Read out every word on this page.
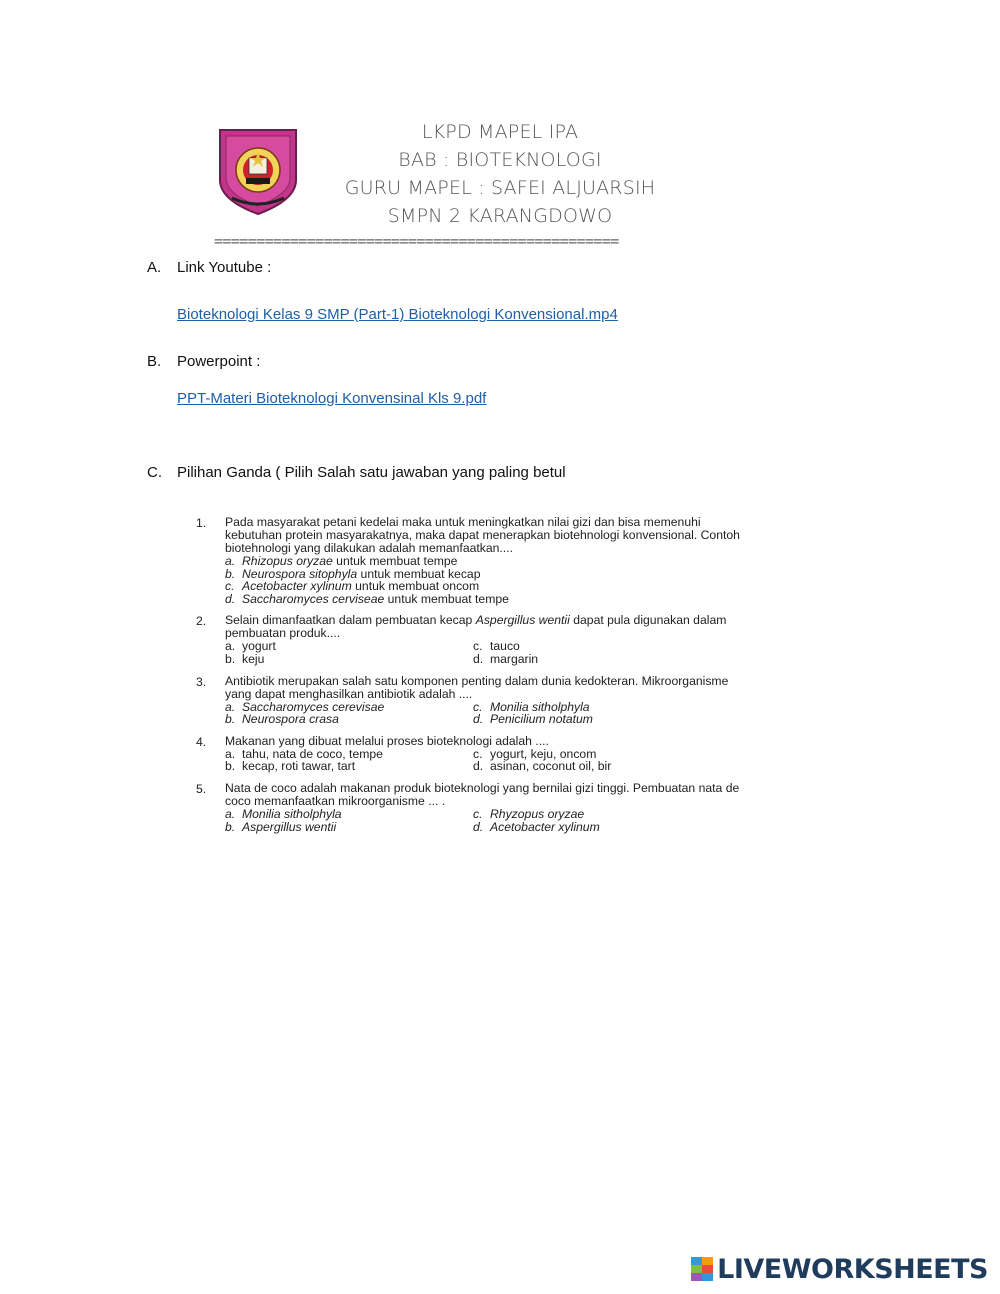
LKPD MAPEL IPA
BAB : BIOTEKNOLOGI
GURU MAPEL : SAFEI ALJUARSIH
SMPN 2 KARANGDOWO
================================================
A. Link Youtube :
Bioteknologi Kelas 9 SMP (Part-1) Bioteknologi Konvensional.mp4
B. Powerpoint :
PPT-Materi Bioteknologi Konvensinal Kls 9.pdf
C. Pilihan Ganda ( Pilih Salah satu jawaban yang paling betul
1. Pada masyarakat petani kedelai maka untuk meningkatkan nilai gizi dan bisa memenuhi
kebutuhan protein masyarakatnya, maka dapat menerapkan biotehnologi konvensional. Contoh
biotehnologi yang dilakukan adalah memanfaatkan....
a. Rhizopus oryzae untuk membuat tempe
b. Neurospora sitophyla untuk membuat kecap
c. Acetobacter xylinum untuk membuat oncom
d. Saccharomyces cerviseae untuk membuat tempe
2. Selain dimanfaatkan dalam pembuatan kecap Aspergillus wentii dapat pula digunakan dalam
pembuatan produk....
a. yogurt	c. tauco
b. keju	d. margarin
3. Antibiotik merupakan salah satu komponen penting dalam dunia kedokteran. Mikroorganisme
yang dapat menghasilkan antibiotik adalah ....
a. Saccharomyces cerevisae	c. Monilia sitholphyla
b. Neurospora crasa	d. Penicilium notatum
4. Makanan yang dibuat melalui proses bioteknologi adalah ....
a. tahu, nata de coco, tempe	c. yogurt, keju, oncom
b. kecap, roti tawar, tart	d. asinan, coconut oil, bir
5. Nata de coco adalah makanan produk bioteknologi yang bernilai gizi tinggi. Pembuatan nata de
coco memanfaatkan mikroorganisme ... .
a. Monilia sitholphyla	c. Rhyzopus oryzae
b. Aspergillus wentii	d. Acetobacter xylinum
LIVEWORKSHEETS
